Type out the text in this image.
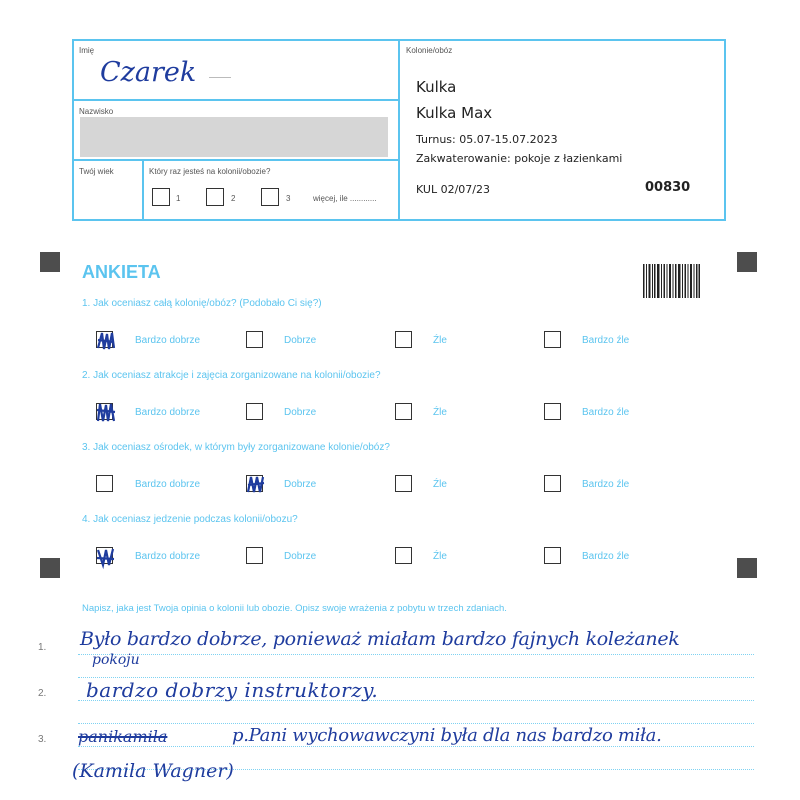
Imię
Czarek
Nazwisko
Twój wiek	Który raz jesteś na kolonii/obozie?
1	2	3	więcej, ile ............
Kolonie/obóz
Kulka
Kulka Max
Turnus: 05.07-15.07.2023
Zakwaterowanie: pokoje z łazienkami
KUL 02/07/23	00830
ANKIETA
1. Jak oceniasz całą kolonię/obóz? (Podobało Ci się?)
Bardzo dobrze	Dobrze	Źle	Bardzo źle
2. Jak oceniasz atrakcje i zajęcia zorganizowane na kolonii/obozie?
Bardzo dobrze	Dobrze	Źle	Bardzo źle
3. Jak oceniasz ośrodek, w którym były zorganizowane kolonie/obóz?
Bardzo dobrze	Dobrze	Źle	Bardzo źle
4. Jak oceniasz jedzenie podczas kolonii/obozu?
Bardzo dobrze	Dobrze	Źle	Bardzo źle
Napisz, jaka jest Twoja opinia o kolonii lub obozie. Opisz swoje wrażenia z pobytu w trzech zdaniach.
1.
2.
3.
Było bardzo dobrze, ponieważ miałam bardzo fajnych koleżanek
pokoju
bardzo dobrzy instruktorzy.
panikamila	p.Pani wychowawczyni była dla nas bardzo miła.
(Kamila Wagner)
